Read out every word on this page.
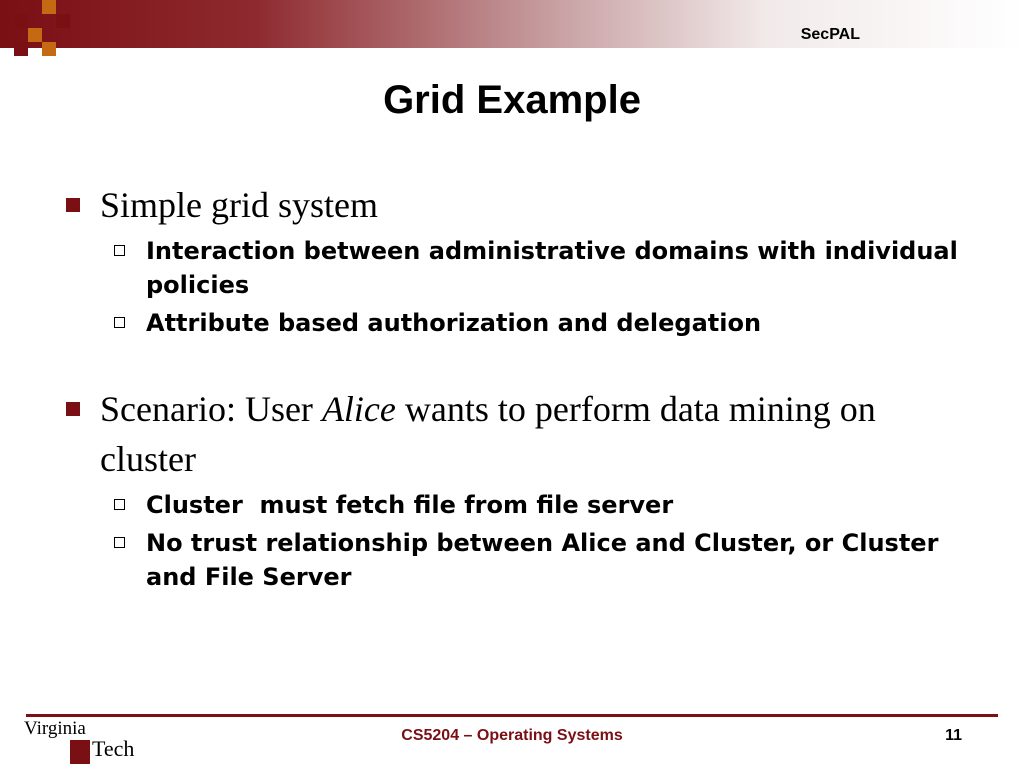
SecPAL
Grid Example
Simple grid system
Interaction between administrative domains with individual policies
Attribute based authorization and delegation
Scenario: User Alice wants to perform data mining on cluster
Cluster  must fetch file from file server
No trust relationship between Alice and Cluster, or Cluster and File Server
Virginia
Tech
CS5204 – Operating Systems	11
